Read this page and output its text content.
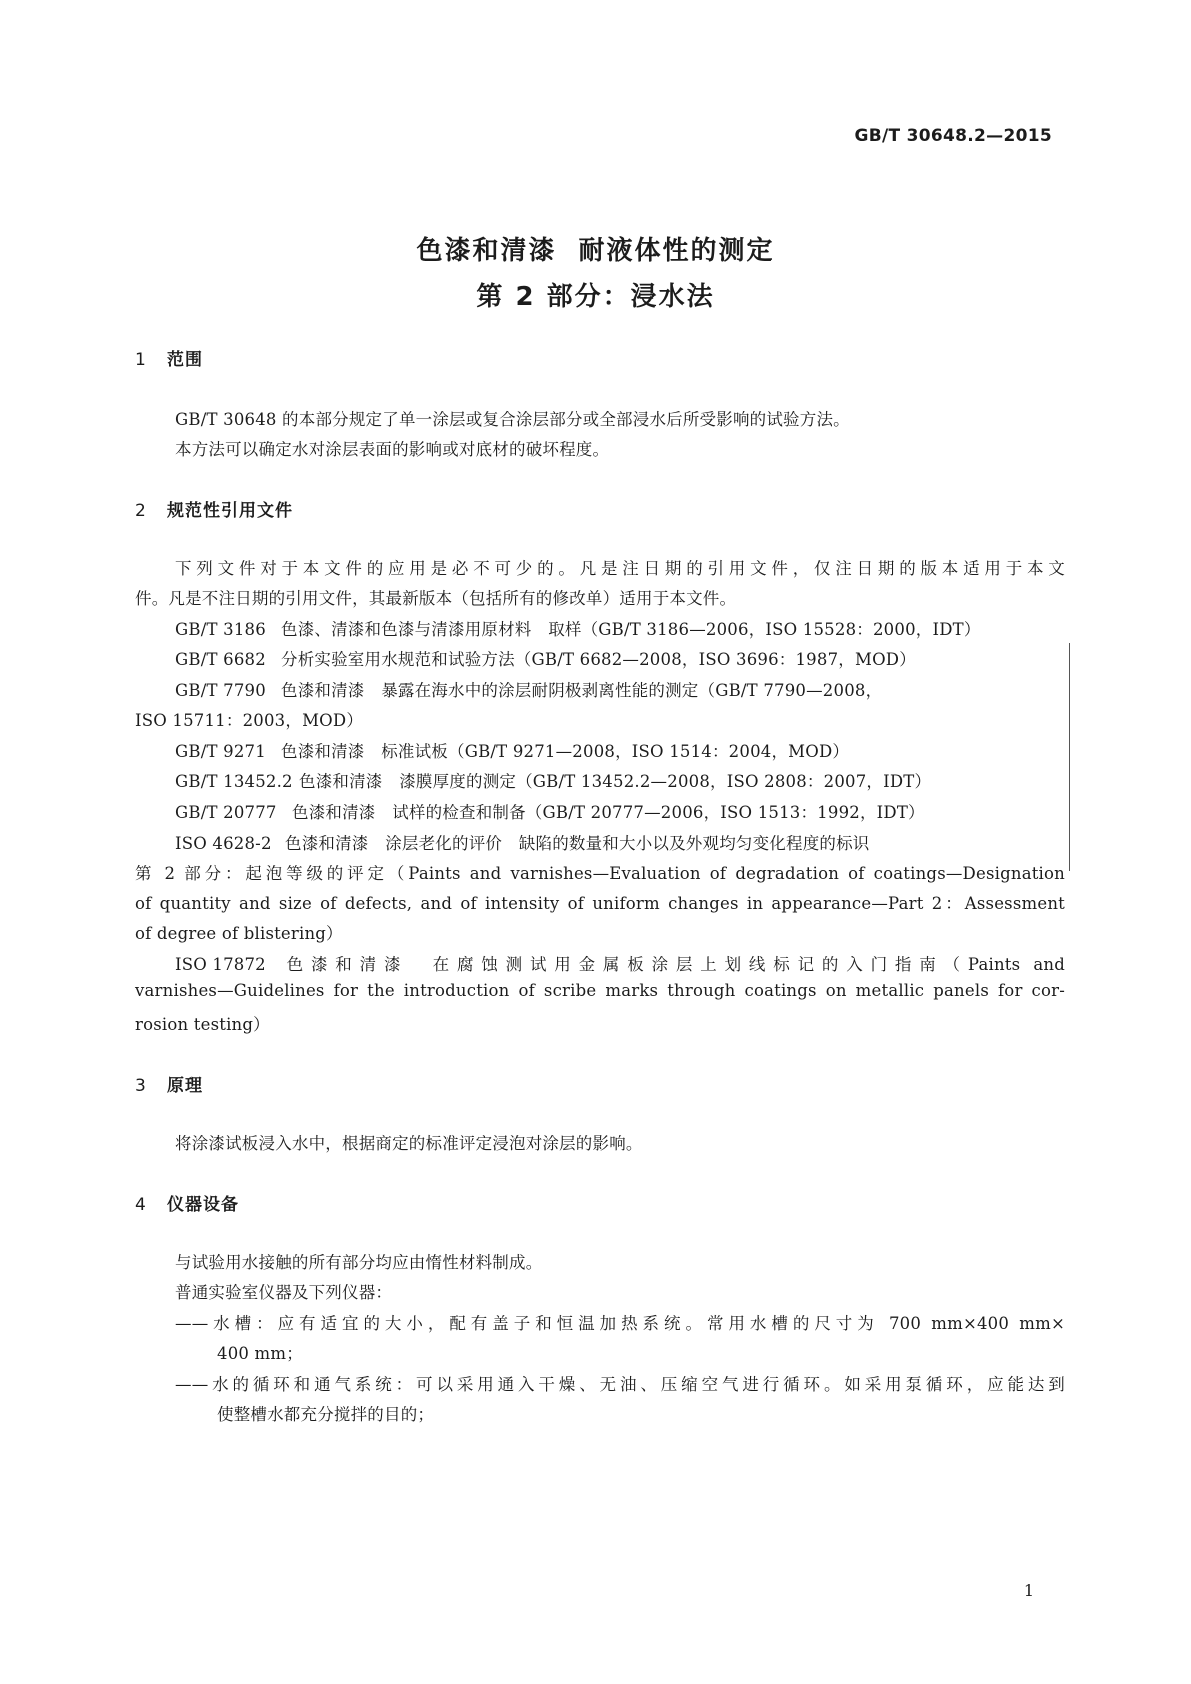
GB/T 30648.2—2015
色漆和清漆 耐液体性的测定
第 2 部分：浸水法
1 范围
GB/T 30648 的本部分规定了单一涂层或复合涂层部分或全部浸水后所受影响的试验方法。
本方法可以确定水对涂层表面的影响或对底材的破坏程度。
2 规范性引用文件
下列文件对于本文件的应用是必不可少的。凡是注日期的引用文件，仅注日期的版本适用于本文
件。凡是不注日期的引用文件，其最新版本（包括所有的修改单）适用于本文件。
GB/T 3186 色漆、清漆和色漆与清漆用原材料　取样（GB/T 3186—2006，ISO 15528：2000，IDT）
GB/T 6682 分析实验室用水规范和试验方法（GB/T 6682—2008，ISO 3696：1987，MOD）
GB/T 7790 色漆和清漆　暴露在海水中的涂层耐阴极剥离性能的测定（GB/T 7790—2008，
ISO 15711：2003，MOD）
GB/T 9271 色漆和清漆　标准试板（GB/T 9271—2008，ISO 1514：2004，MOD）
GB/T 13452.2 色漆和清漆　漆膜厚度的测定（GB/T 13452.2—2008，ISO 2808：2007，IDT）
GB/T 20777 色漆和清漆　试样的检查和制备（GB/T 20777—2006，ISO 1513：1992，IDT）
ISO 4628-2 色漆和清漆　涂层老化的评价　缺陷的数量和大小以及外观均匀变化程度的标识
第 2 部分：起泡等级的评定（Paints and varnishes—Evaluation of degradation of coatings—Designation
of quantity and size of defects, and of intensity of uniform changes in appearance—Part 2：Assessment
of degree of blistering）
ISO 17872 色漆和清漆　在腐蚀测试用金属板涂层上划线标记的入门指南（Paints and
varnishes—Guidelines for the introduction of scribe marks through coatings on metallic panels for cor-
rosion testing）
3 原理
将涂漆试板浸入水中，根据商定的标准评定浸泡对涂层的影响。
4 仪器设备
与试验用水接触的所有部分均应由惰性材料制成。
普通实验室仪器及下列仪器：
——水槽：应有适宜的大小，配有盖子和恒温加热系统。常用水槽的尺寸为 700 mm×400 mm×
400 mm；
——水的循环和通气系统：可以采用通入干燥、无油、压缩空气进行循环。如采用泵循环，应能达到
使整槽水都充分搅拌的目的；
1
